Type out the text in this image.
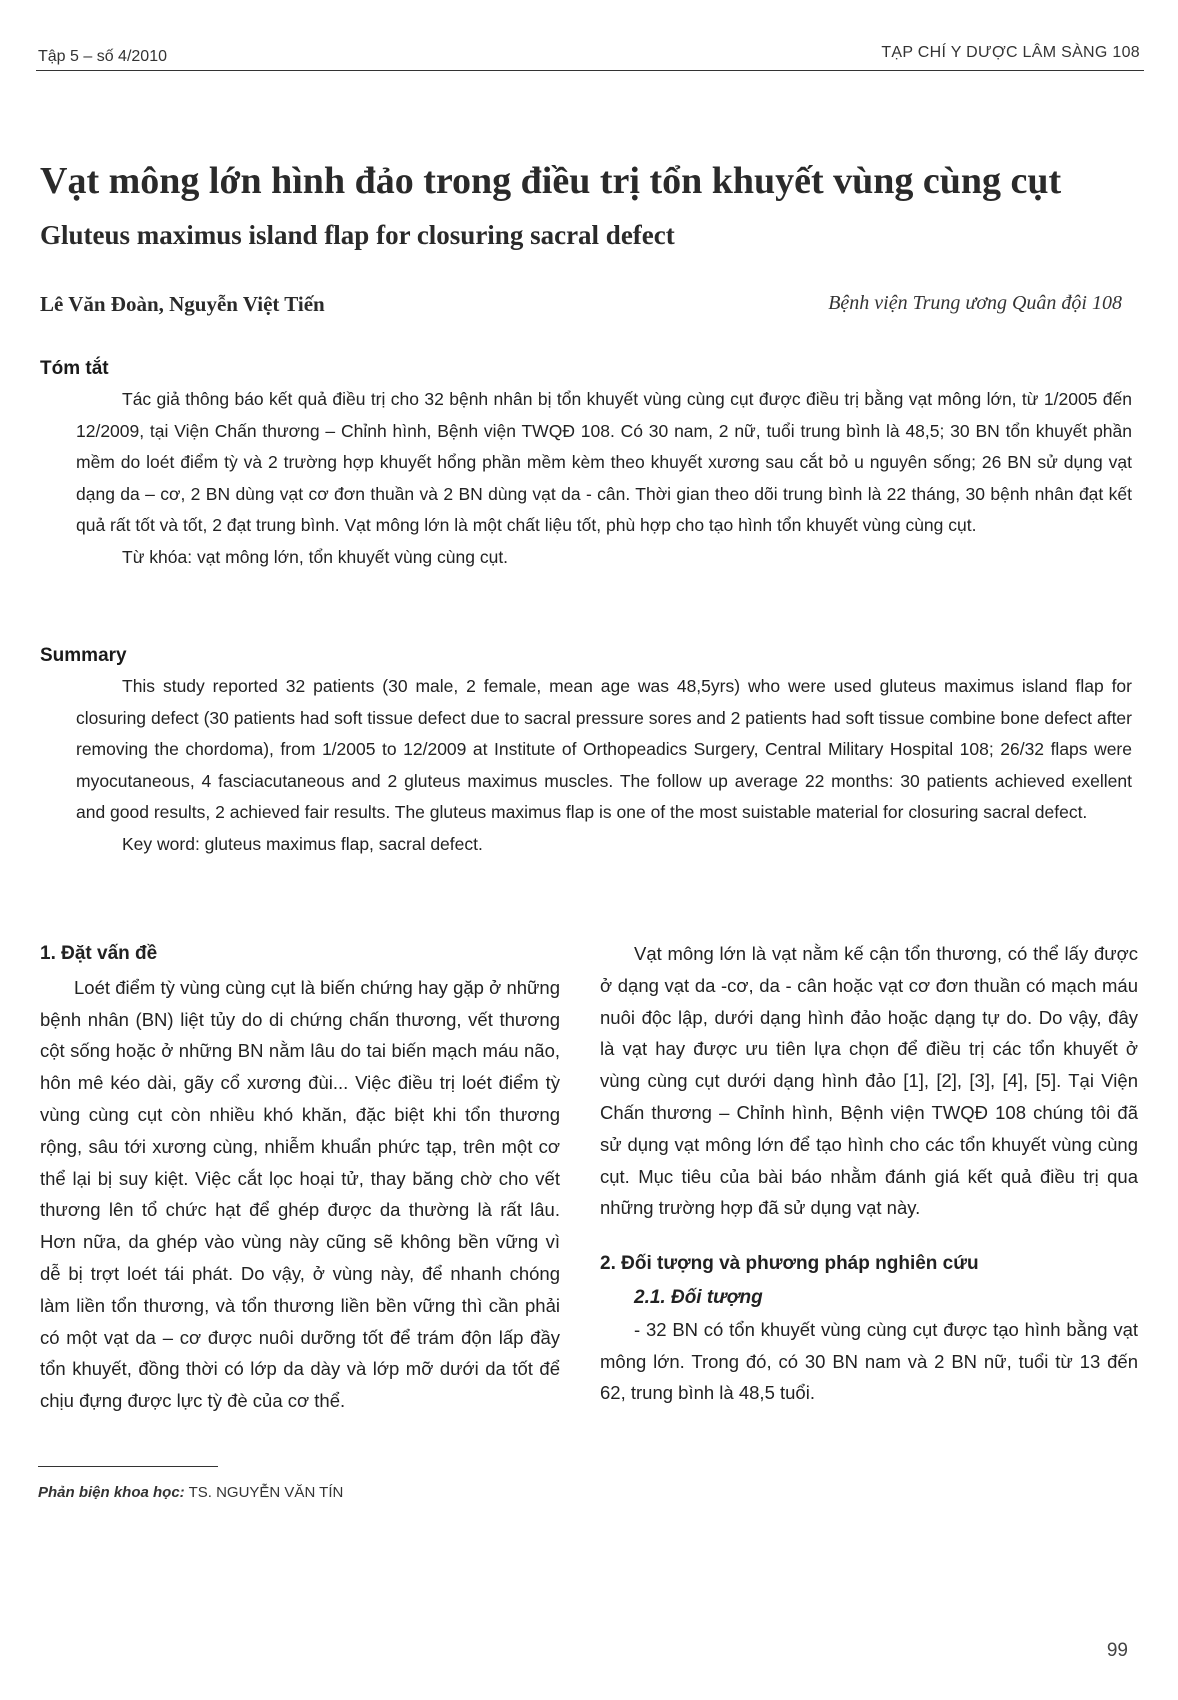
Tập 5 – số 4/2010	TẠP CHÍ Y DƯỢC LÂM SÀNG 108
Vạt mông lớn hình đảo trong điều trị tổn khuyết vùng cùng cụt
Gluteus maximus island flap for closuring sacral defect
Lê Văn Đoàn, Nguyễn Việt Tiến	Bệnh viện Trung ương Quân đội 108
Tóm tắt

Tác giả thông báo kết quả điều trị cho 32 bệnh nhân bị tổn khuyết vùng cùng cụt được điều trị bằng vạt mông lớn, từ 1/2005 đến 12/2009, tại Viện Chấn thương – Chỉnh hình, Bệnh viện TWQĐ 108. Có 30 nam, 2 nữ, tuổi trung bình là 48,5; 30 BN tổn khuyết phần mềm do loét điểm tỳ và 2 trường hợp khuyết hổng phần mềm kèm theo khuyết xương sau cắt bỏ u nguyên sống; 26 BN sử dụng vạt dạng da – cơ, 2 BN dùng vạt cơ đơn thuần và 2 BN dùng vạt da - cân. Thời gian theo dõi trung bình là 22 tháng, 30 bệnh nhân đạt kết quả rất tốt và tốt, 2 đạt trung bình. Vạt mông lớn là một chất liệu tốt, phù hợp cho tạo hình tổn khuyết vùng cùng cụt.

Từ khóa: vạt mông lớn, tổn khuyết vùng cùng cụt.

Summary

This study reported 32 patients (30 male, 2 female, mean age was 48,5yrs) who were used gluteus maximus island flap for closuring defect (30 patients had soft tissue defect due to sacral pressure sores and 2 patients had soft tissue combine bone defect after removing the chordoma), from 1/2005 to 12/2009 at Institute of Orthopeadics Surgery, Central Military Hospital 108; 26/32 flaps were myocutaneous, 4 fasciacutaneous and 2 gluteus maximus muscles. The follow up average 22 months: 30 patients achieved exellent and good results, 2 achieved fair results. The gluteus maximus flap is one of the most suistable material for closuring sacral defect.

Key word: gluteus maximus flap, sacral defect.

1. Đặt vấn đề

Loét điểm tỳ vùng cùng cụt là biến chứng hay gặp ở những bệnh nhân (BN) liệt tủy do di chứng chấn thương, vết thương cột sống hoặc ở những BN nằm lâu do tai biến mạch máu não, hôn mê kéo dài, gãy cổ xương đùi... Việc điều trị loét điểm tỳ vùng cùng cụt còn nhiều khó khăn, đặc biệt khi tổn thương rộng, sâu tới xương cùng, nhiễm khuẩn phức tạp, trên một cơ thể lại bị suy kiệt. Việc cắt lọc hoại tử, thay băng chờ cho vết thương lên tổ chức hạt để ghép được da thường là rất lâu. Hơn nữa, da ghép vào vùng này cũng sẽ không bền vững vì dễ bị trợt loét tái phát. Do vậy, ở vùng này, để nhanh chóng làm liền tổn thương, và tổn thương liền bền vững thì cần phải có một vạt da – cơ được nuôi dưỡng tốt để trám độn lấp đầy tổn khuyết, đồng thời có lớp da dày và lớp mỡ dưới da tốt để chịu đựng được lực tỳ đè của cơ thể.

Vạt mông lớn là vạt nằm kế cận tổn thương, có thể lấy được ở dạng vạt da -cơ, da - cân hoặc vạt cơ đơn thuần có mạch máu nuôi độc lập, dưới dạng hình đảo hoặc dạng tự do. Do vậy, đây là vạt hay được ưu tiên lựa chọn để điều trị các tổn khuyết ở vùng cùng cụt dưới dạng hình đảo [1], [2], [3], [4], [5]. Tại Viện Chấn thương – Chỉnh hình, Bệnh viện TWQĐ 108 chúng tôi đã sử dụng vạt mông lớn để tạo hình cho các tổn khuyết vùng cùng cụt. Mục tiêu của bài báo nhằm đánh giá kết quả điều trị qua những trường hợp đã sử dụng vạt này.

2. Đối tượng và phương pháp nghiên cứu
2.1. Đối tượng

- 32 BN có tổn khuyết vùng cùng cụt được tạo hình bằng vạt mông lớn. Trong đó, có 30 BN nam và 2 BN nữ, tuổi từ 13 đến 62, trung bình là 48,5 tuổi.

Phản biện khoa học: TS. NGUYỄN VĂN TÍN
99
